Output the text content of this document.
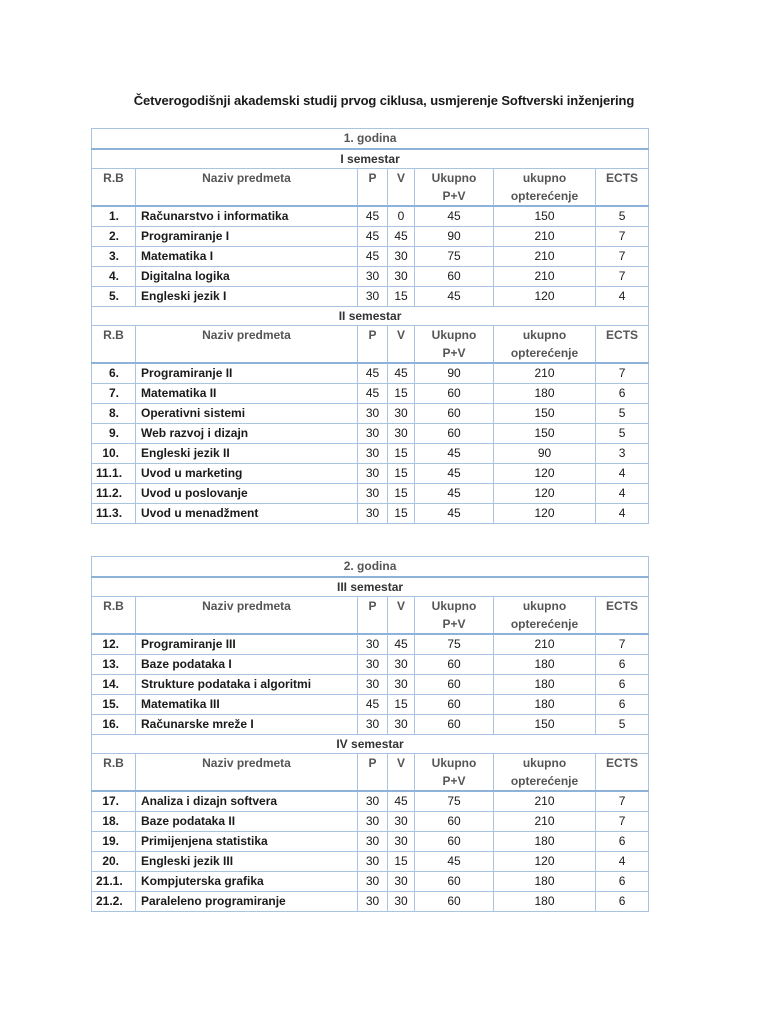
Četverogodišnji akademski studij prvog ciklusa, usmjerenje Softverski inženjering
1. godina						
I semestar						
R.B	Naziv predmeta	P	V	Ukupno P+V	ukupno opterećenje	ECTS
1.	Računarstvo i informatika	45	0	45	150	5
2.	Programiranje I	45	45	90	210	7
3.	Matematika I	45	30	75	210	7
4.	Digitalna logika	30	30	60	210	7
5.	Engleski jezik I	30	15	45	120	4
II semestar						
R.B	Naziv predmeta	P	V	Ukupno P+V	ukupno opterećenje	ECTS
6.	Programiranje II	45	45	90	210	7
7.	Matematika II	45	15	60	180	6
8.	Operativni sistemi	30	30	60	150	5
9.	Web razvoj i dizajn	30	30	60	150	5
10.	Engleski jezik II	30	15	45	90	3
11.1.	Uvod u marketing	30	15	45	120	4
11.2.	Uvod u poslovanje	30	15	45	120	4
11.3.	Uvod u menadžment	30	15	45	120	4
2. godina						
III semestar						
R.B	Naziv predmeta	P	V	Ukupno P+V	ukupno opterećenje	ECTS
12.	Programiranje III	30	45	75	210	7
13.	Baze podataka I	30	30	60	180	6
14.	Strukture podataka i algoritmi	30	30	60	180	6
15.	Matematika III	45	15	60	180	6
16.	Računarske mreže I	30	30	60	150	5
IV semestar						
R.B	Naziv predmeta	P	V	Ukupno P+V	ukupno opterećenje	ECTS
17.	Analiza i dizajn softvera	30	45	75	210	7
18.	Baze podataka II	30	30	60	210	7
19.	Primijenjena statistika	30	30	60	180	6
20.	Engleski jezik III	30	15	45	120	4
21.1.	Kompjuterska grafika	30	30	60	180	6
21.2.	Paraleleno programiranje	30	30	60	180	6
